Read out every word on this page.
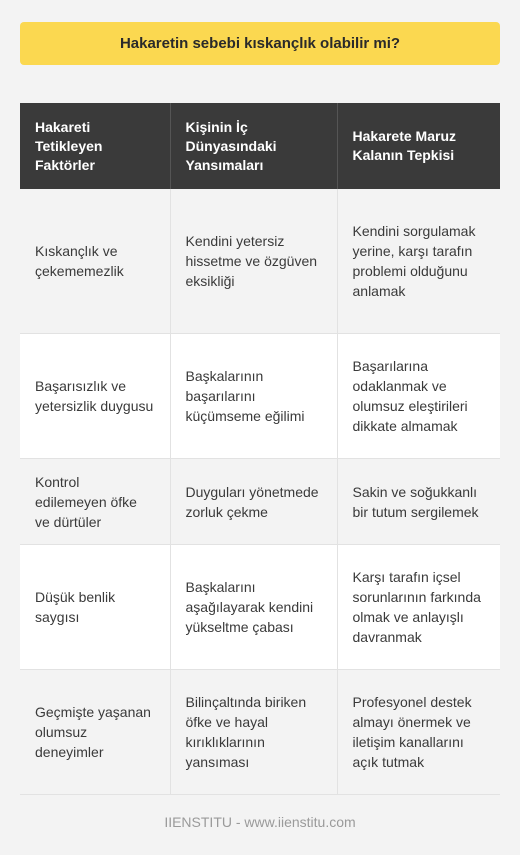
Hakaretin sebebi kıskançlık olabilir mi?
Hakareti Tetikleyen Faktörler	Kişinin İç Dünyasındaki Yansımaları	Hakarete Maruz Kalanın Tepkisi
Kıskançlık ve çekememezlik	Kendini yetersiz hissetme ve özgüven eksikliği	Kendini sorgulamak yerine, karşı tarafın problemi olduğunu anlamak
Başarısızlık ve yetersizlik duygusu	Başkalarının başarılarını küçümseme eğilimi	Başarılarına odaklanmak ve olumsuz eleştirileri dikkate almamak
Kontrol edilemeyen öfke ve dürtüler	Duyguları yönetmede zorluk çekme	Sakin ve soğukkanlı bir tutum sergilemek
Düşük benlik saygısı	Başkalarını aşağılayarak kendini yükseltme çabası	Karşı tarafın içsel sorunlarının farkında olmak ve anlayışlı davranmak
Geçmişte yaşanan olumsuz deneyimler	Bilinçaltında biriken öfke ve hayal kırıklıklarının yansıması	Profesyonel destek almayı önermek ve iletişim kanallarını açık tutmak
IIENSTITU - www.iienstitu.com
